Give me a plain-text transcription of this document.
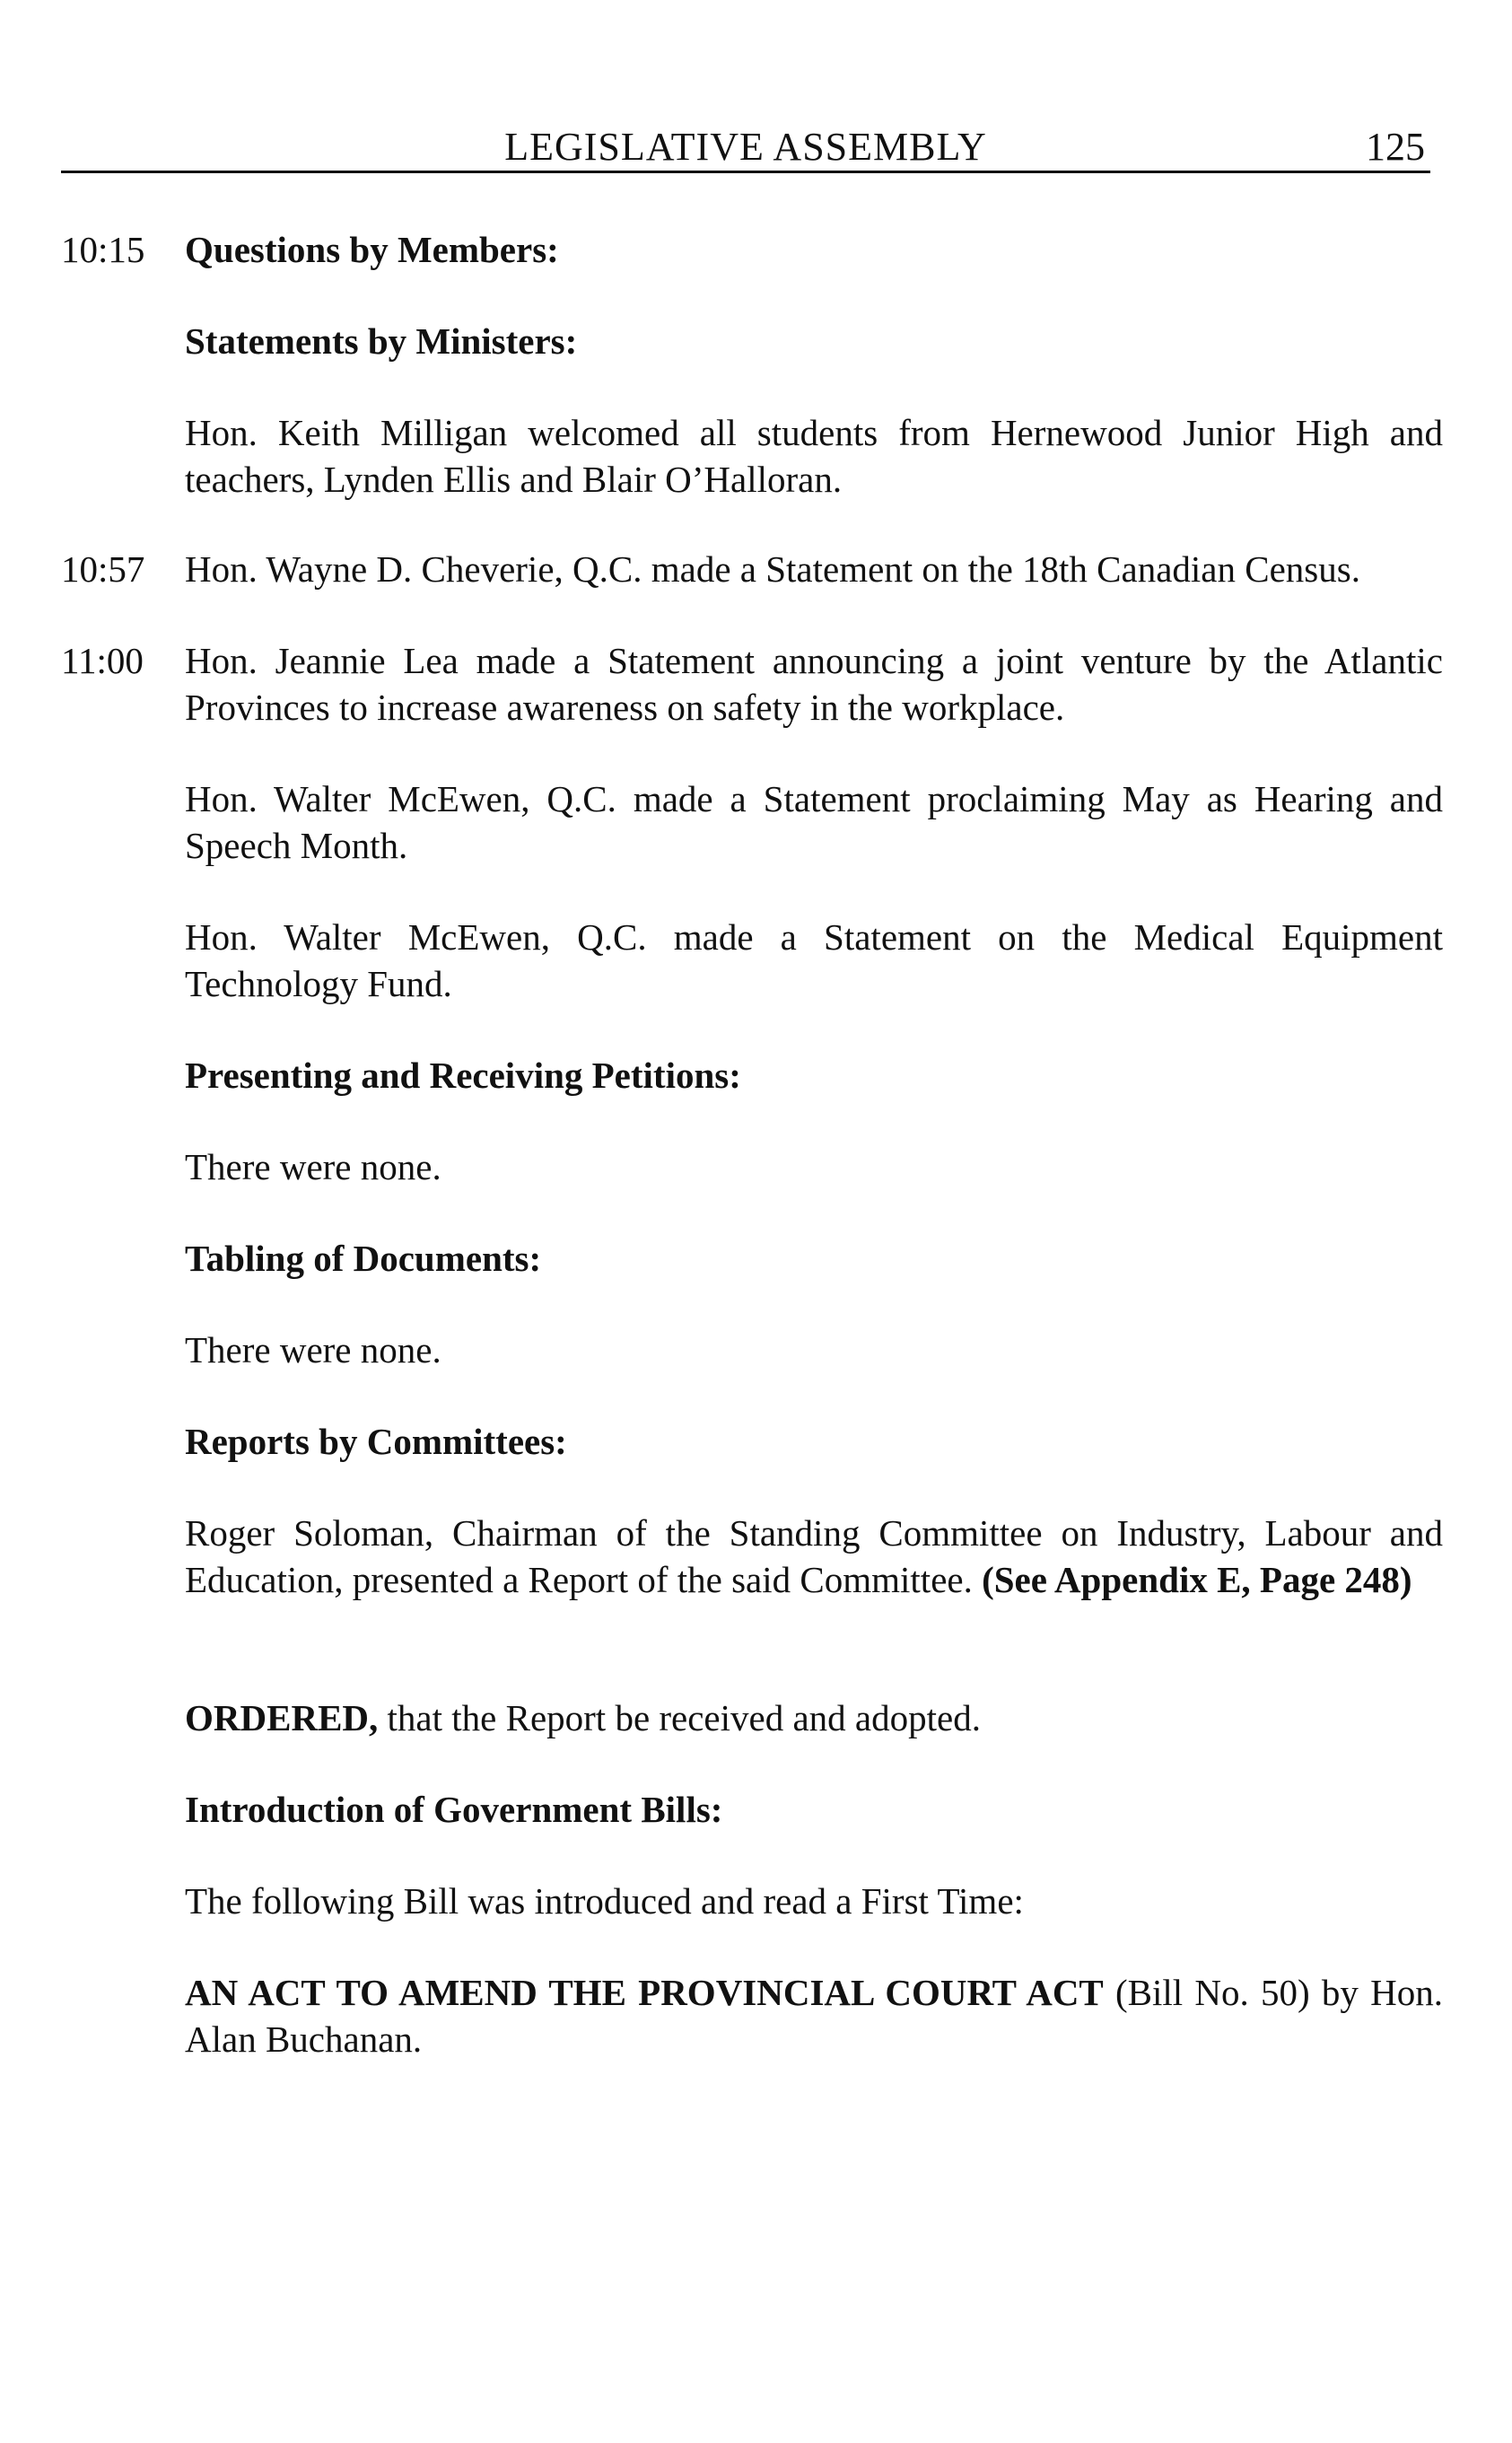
LEGISLATIVE ASSEMBLY	125
10:15	Questions by Members:
Statements by Ministers:
Hon. Keith Milligan welcomed all students from Hernewood Junior High and teachers, Lynden Ellis and Blair O’Halloran.
10:57	Hon. Wayne D. Cheverie, Q.C. made a Statement on the 18th Canadian Census.
11:00	Hon. Jeannie Lea made a Statement announcing a joint venture by the Atlantic Provinces to increase awareness on safety in the workplace.
Hon. Walter McEwen, Q.C. made a Statement proclaiming May as Hearing and Speech Month.
Hon. Walter McEwen, Q.C. made a Statement on the Medical Equipment Technology Fund.
Presenting and Receiving Petitions:
There were none.
Tabling of Documents:
There were none.
Reports by Committees:
Roger Soloman, Chairman of the Standing Committee on Industry, Labour and Education, presented a Report of the said Committee. (See Appendix E, Page 248)
ORDERED, that the Report be received and adopted.
Introduction of Government Bills:
The following Bill was introduced and read a First Time:
AN ACT TO AMEND THE PROVINCIAL COURT ACT (Bill No. 50) by Hon. Alan Buchanan.
